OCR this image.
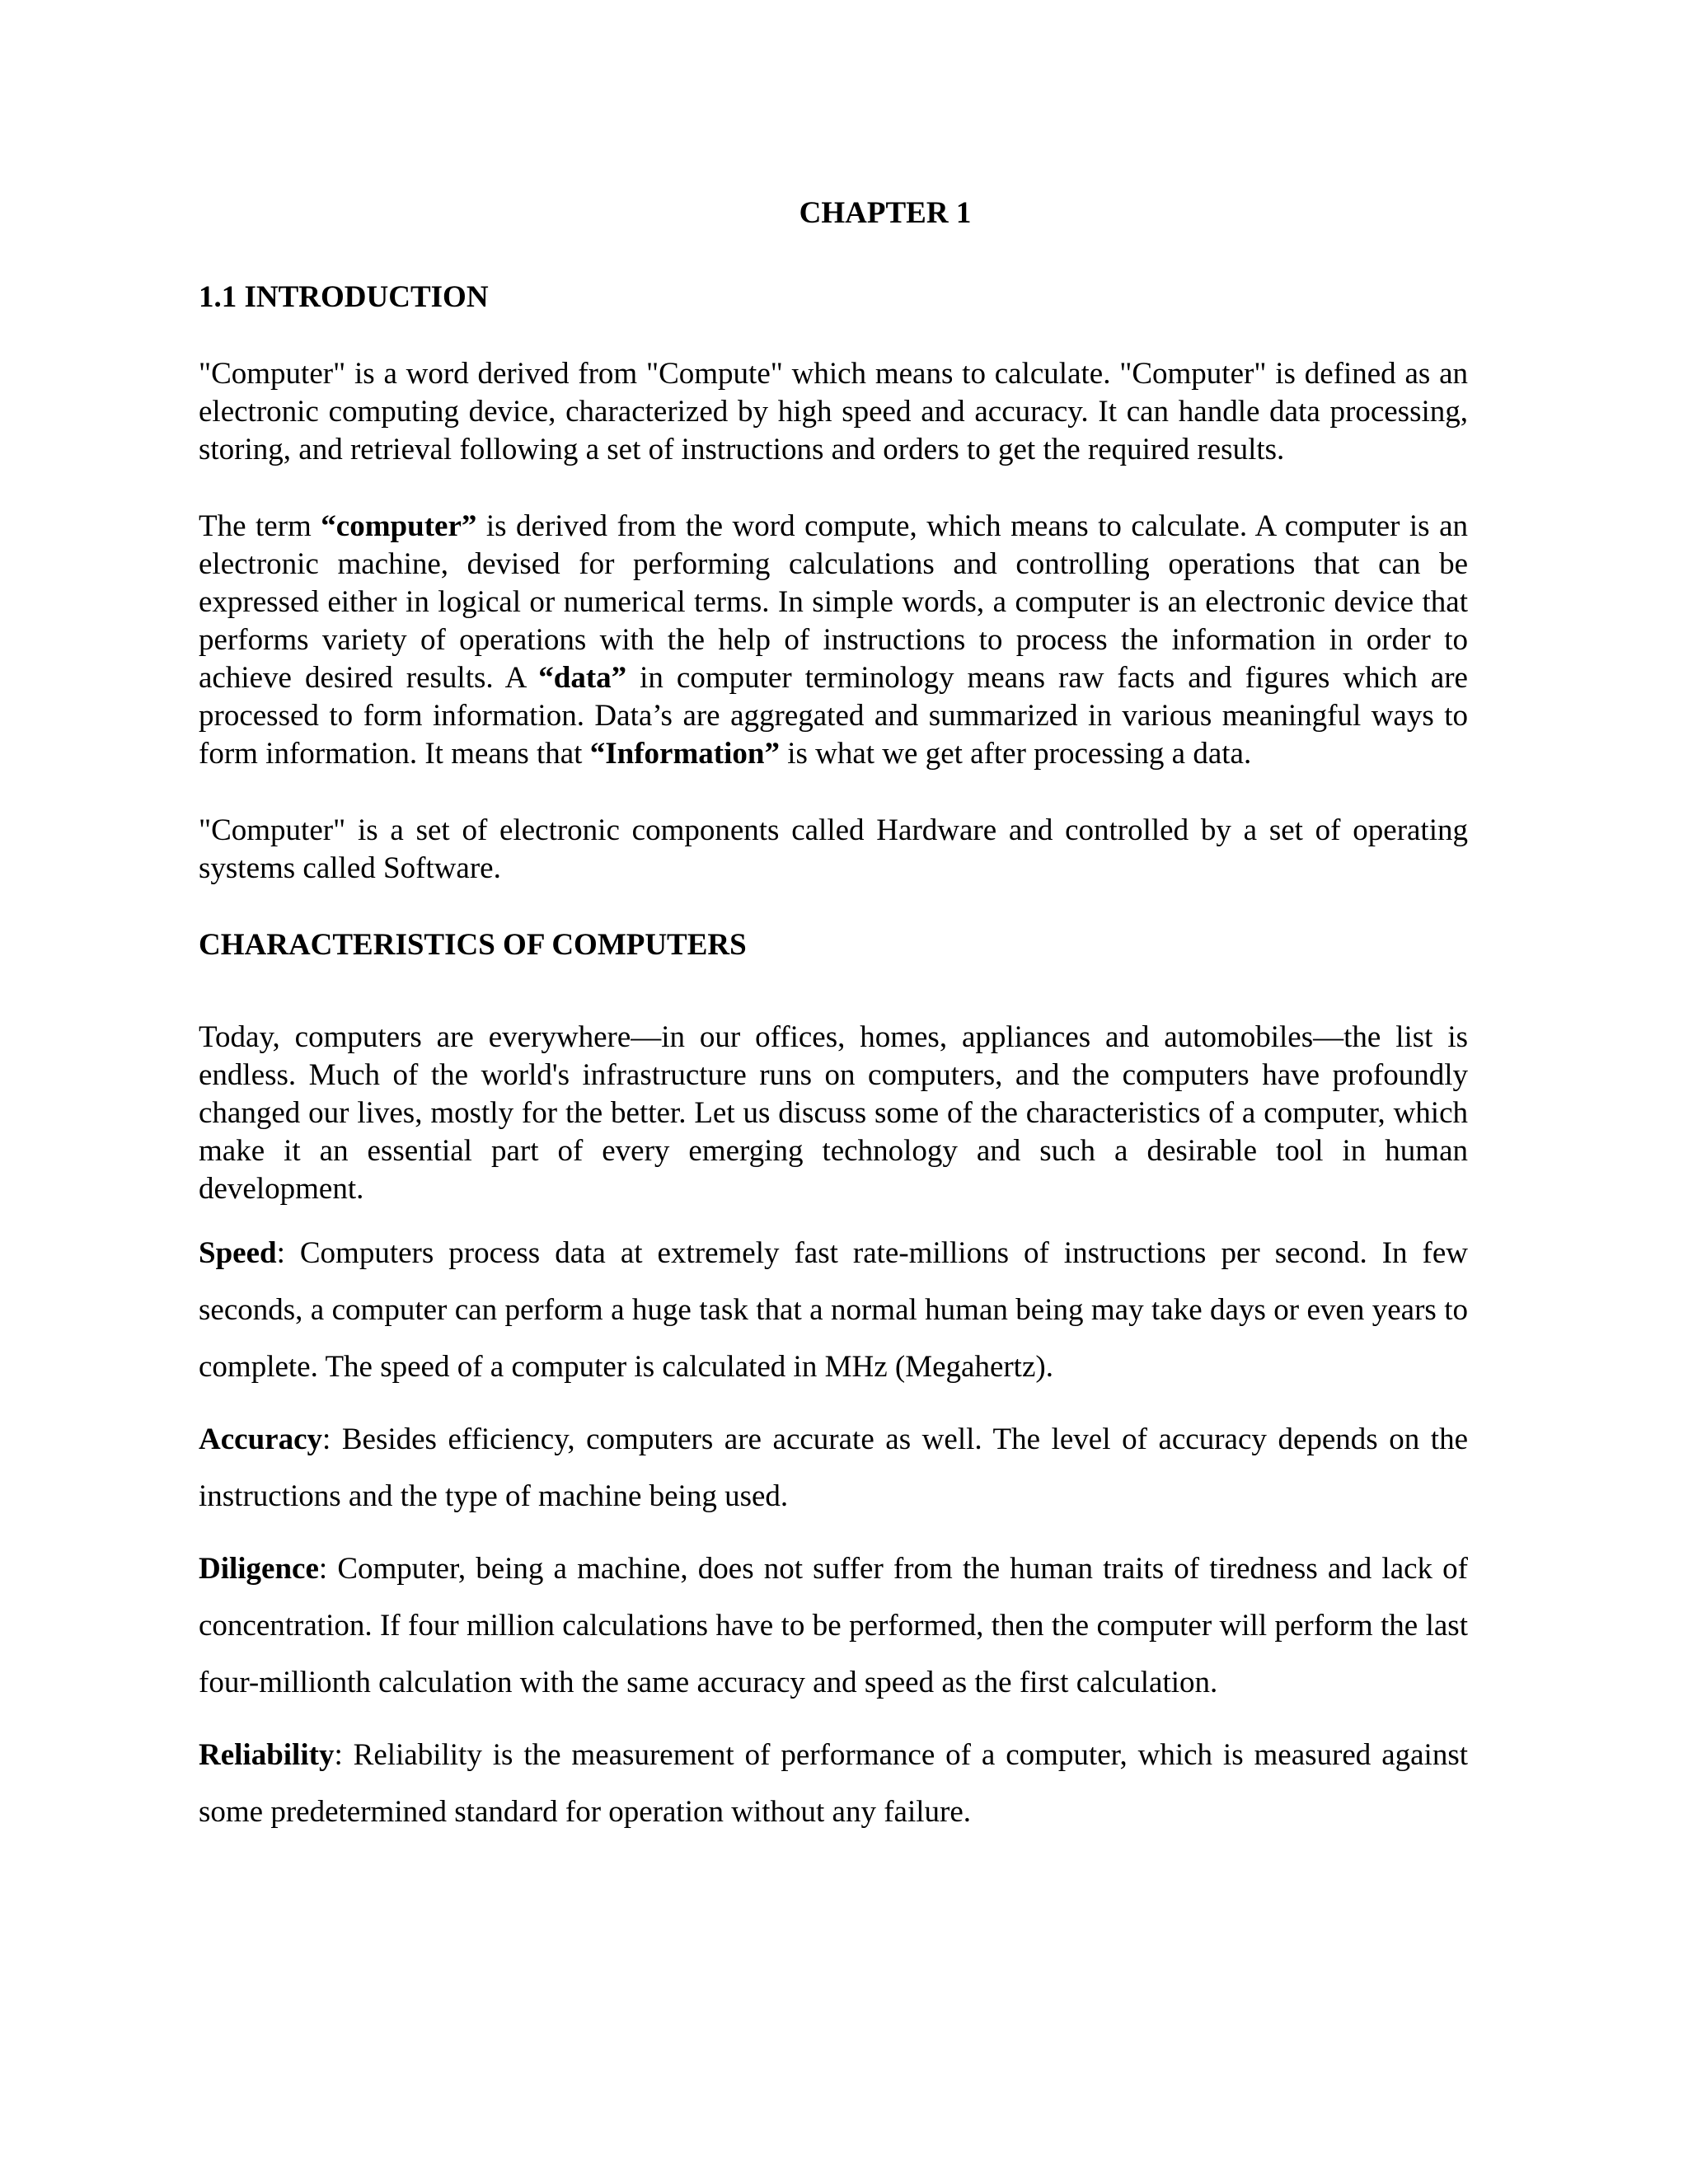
CHAPTER 1
1.1 INTRODUCTION

"Computer" is a word derived from "Compute" which means to calculate. "Computer" is defined as an electronic computing device, characterized by high speed and accuracy. It can handle data processing, storing, and retrieval following a set of instructions and orders to get the required results.

The term “computer” is derived from the word compute, which means to calculate. A computer is an electronic machine, devised for performing calculations and controlling operations that can be expressed either in logical or numerical terms. In simple words, a computer is an electronic device that performs variety of operations with the help of instructions to process the information in order to achieve desired results. A “data” in computer terminology means raw facts and figures which are processed to form information. Data’s are aggregated and summarized in various meaningful ways to form information. It means that “Information” is what we get after processing a data.

"Computer" is a set of electronic components called Hardware and controlled by a set of operating systems called Software.

CHARACTERISTICS OF COMPUTERS

Today, computers are everywhere—in our offices, homes, appliances and automobiles—the list is endless. Much of the world's infrastructure runs on computers, and the computers have profoundly changed our lives, mostly for the better. Let us discuss some of the characteristics of a computer, which make it an essential part of every emerging technology and such a desirable tool in human development.

Speed: Computers process data at extremely fast rate-millions of instructions per second. In few seconds, a computer can perform a huge task that a normal human being may take days or even years to complete. The speed of a computer is calculated in MHz (Megahertz).

Accuracy: Besides efficiency, computers are accurate as well. The level of accuracy depends on the instructions and the type of machine being used.

Diligence: Computer, being a machine, does not suffer from the human traits of tiredness and lack of concentration. If four million calculations have to be performed, then the computer will perform the last four-millionth calculation with the same accuracy and speed as the first calculation.

Reliability: Reliability is the measurement of performance of a computer, which is measured against some predetermined standard for operation without any failure.
